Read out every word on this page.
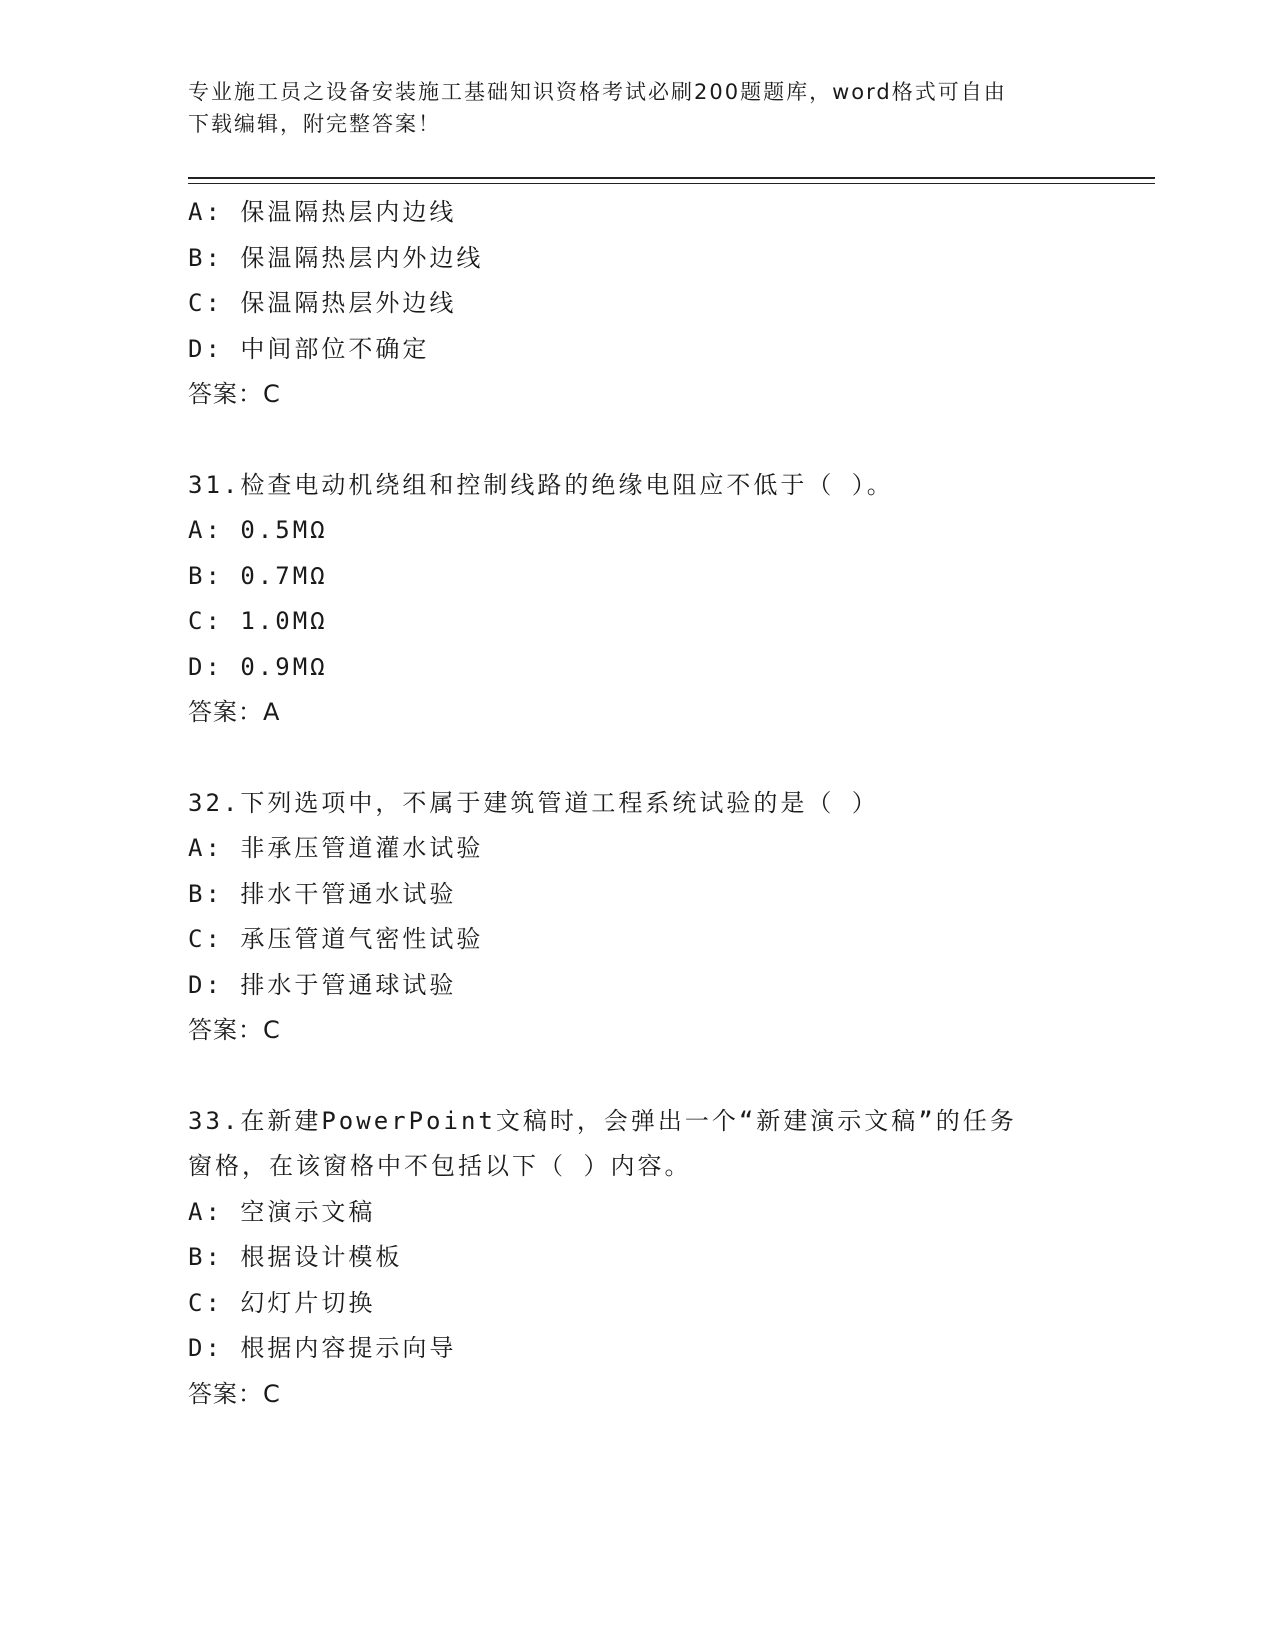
专业施工员之设备安装施工基础知识资格考试必刷200题题库，word格式可自由
下载编辑，附完整答案！
A: 保温隔热层内边线
B: 保温隔热层内外边线
C: 保温隔热层外边线
D: 中间部位不确定
答案：C
31.检查电动机绕组和控制线路的绝缘电阻应不低于（ ）。
A: 0.5MΩ
B: 0.7MΩ
C: 1.0MΩ
D: 0.9MΩ
答案：A
32.下列选项中，不属于建筑管道工程系统试验的是（ ）
A: 非承压管道灌水试验
B: 排水干管通水试验
C: 承压管道气密性试验
D: 排水于管通球试验
答案：C
33.在新建PowerPoint文稿时，会弹出一个“新建演示文稿”的任务
窗格，在该窗格中不包括以下（ ）内容。
A: 空演示文稿
B: 根据设计模板
C: 幻灯片切换
D: 根据内容提示向导
答案：C
